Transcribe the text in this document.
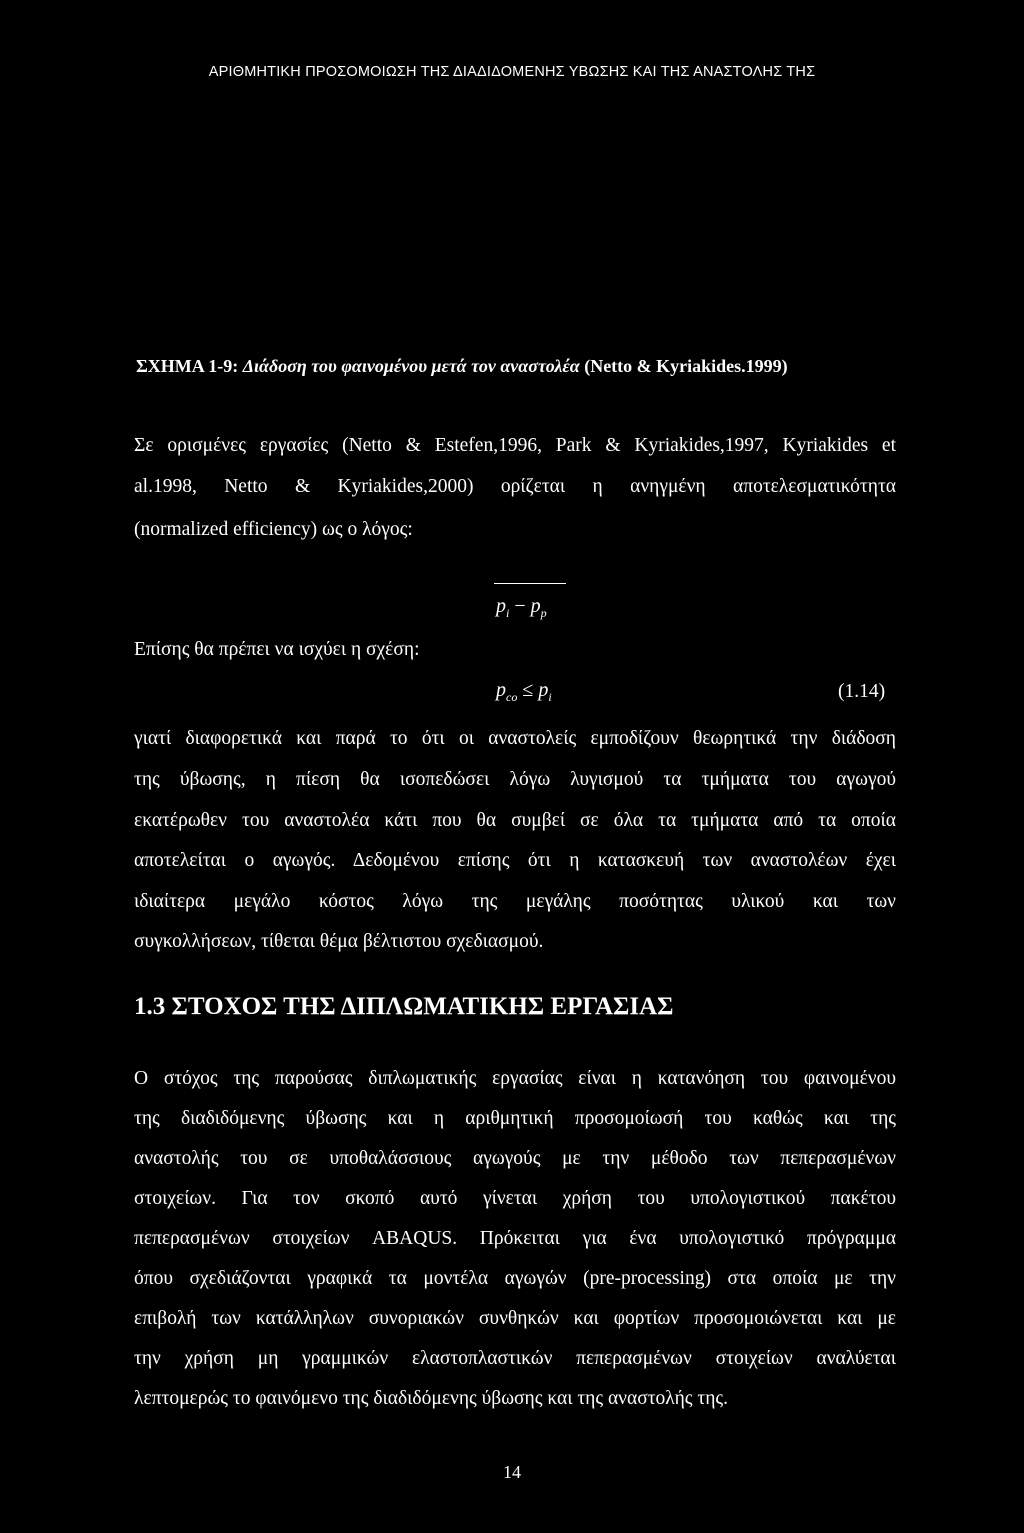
ΑΡΙΘΜΗΤΙΚΗ ΠΡΟΣΟΜΟΙΩΣΗ ΤΗΣ ΔΙΑΔΙΔΟΜΕΝΗΣ ΥΒΩΣΗΣ ΚΑΙ ΤΗΣ ΑΝΑΣΤΟΛΗΣ ΤΗΣ
ΣΧΗΜΑ 1-9: Διάδοση του φαινομένου μετά τον αναστολέα (Netto & Kyriakides.1999)
Σε ορισμένες εργασίες (Netto & Estefen,1996, Park & Kyriakides,1997, Kyriakides et
al.1998, Netto & Kyriakides,2000) ορίζεται η ανηγμένη αποτελεσματικότητα
(normalized efficiency) ως ο λόγος:
$p_i - p_p$
Επίσης θα πρέπει να ισχύει η σχέση:
$p_{co} \le p_i$	(1.14)
γιατί διαφορετικά και παρά το ότι οι αναστολείς εμποδίζουν θεωρητικά την διάδοση
της ύβωσης, η πίεση θα ισοπεδώσει λόγω λυγισμού τα τμήματα του αγωγού
εκατέρωθεν του αναστολέα κάτι που θα συμβεί σε όλα τα τμήματα από τα οποία
αποτελείται ο αγωγός. Δεδομένου επίσης ότι η κατασκευή των αναστολέων έχει
ιδιαίτερα μεγάλο κόστος λόγω της μεγάλης ποσότητας υλικού και των
συγκολλήσεων, τίθεται θέμα βέλτιστου σχεδιασμού.
1.3 ΣΤΟΧΟΣ ΤΗΣ ΔΙΠΛΩΜΑΤΙΚΗΣ ΕΡΓΑΣΙΑΣ
Ο στόχος της παρούσας διπλωματικής εργασίας είναι η κατανόηση του φαινομένου
της διαδιδόμενης ύβωσης και η αριθμητική προσομοίωσή του καθώς και της
αναστολής του σε υποθαλάσσιους αγωγούς με την μέθοδο των πεπερασμένων
στοιχείων. Για τον σκοπό αυτό γίνεται χρήση του υπολογιστικού πακέτου
πεπερασμένων στοιχείων ABAQUS. Πρόκειται για ένα υπολογιστικό πρόγραμμα
όπου σχεδιάζονται γραφικά τα μοντέλα αγωγών (pre-processing) στα οποία με την
επιβολή των κατάλληλων συνοριακών συνθηκών και φορτίων προσομοιώνεται και με
την χρήση μη γραμμικών ελαστοπλαστικών πεπερασμένων στοιχείων αναλύεται
λεπτομερώς το φαινόμενο της διαδιδόμενης ύβωσης και της αναστολής της.
14
